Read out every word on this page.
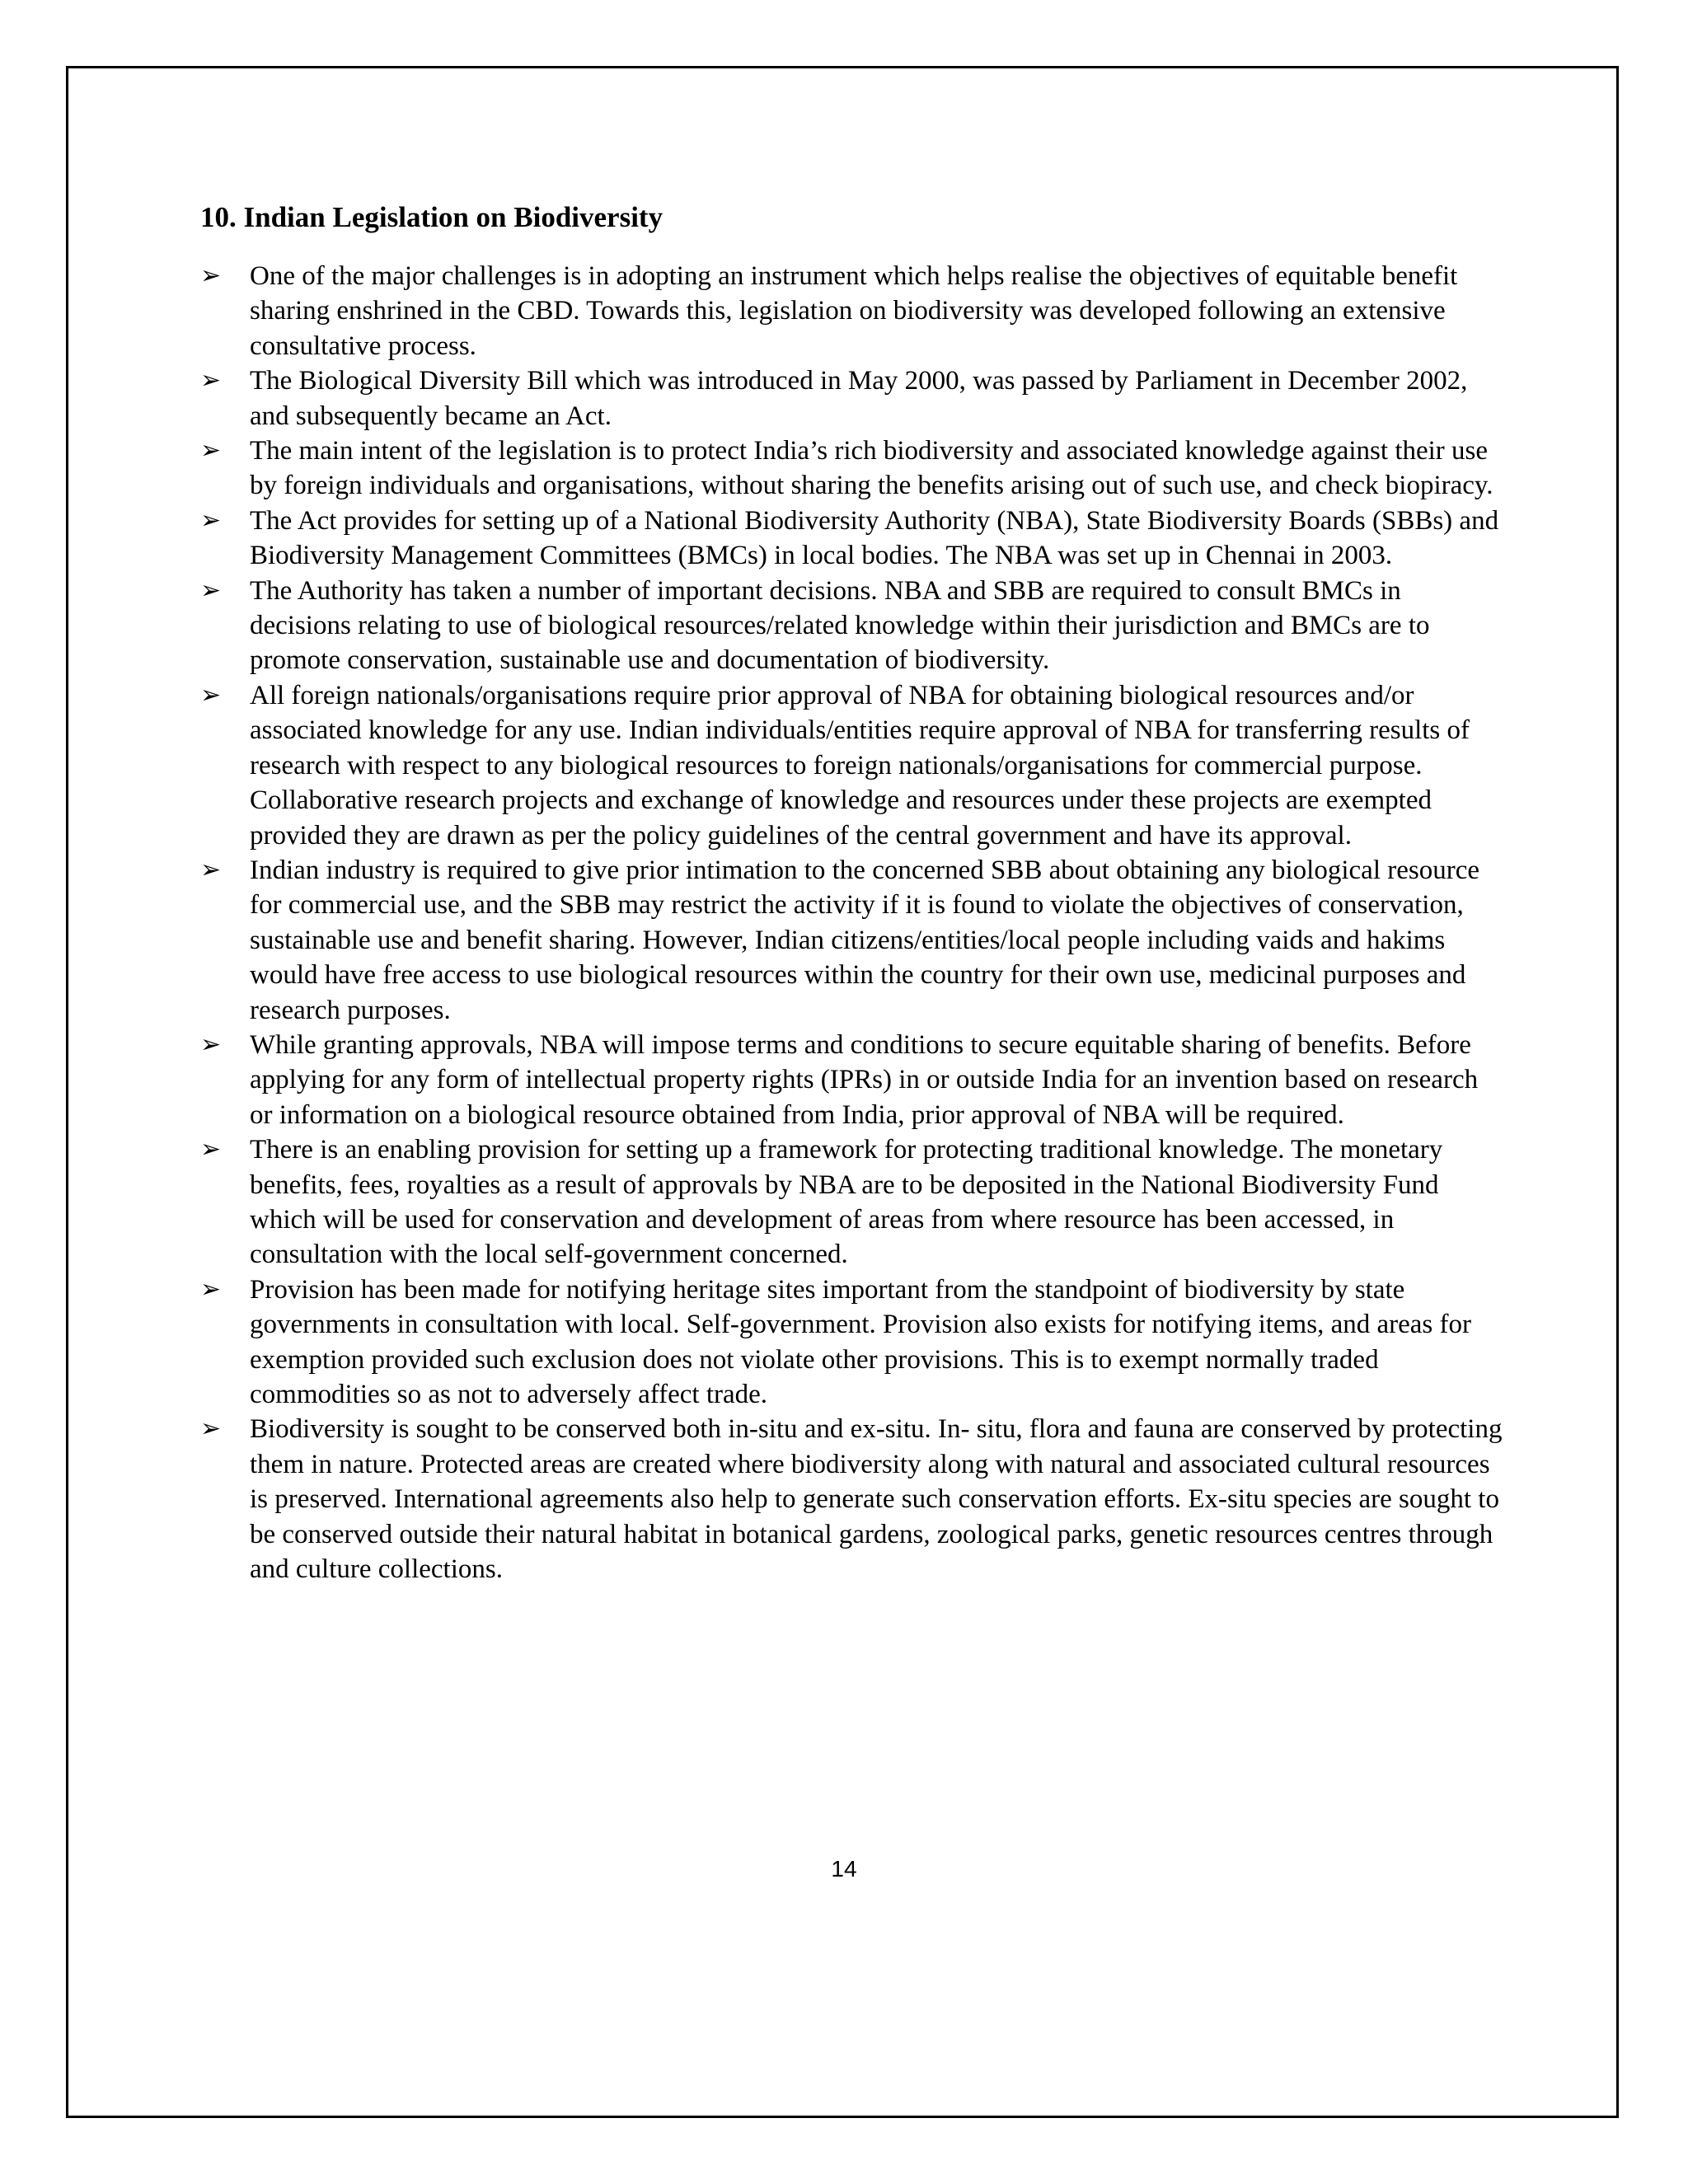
10. Indian Legislation on Biodiversity
➢ One of the major challenges is in adopting an instrument which helps realise the objectives of equitable benefit sharing enshrined in the CBD. Towards this, legislation on biodiversity was developed following an extensive consultative process.
➢ The Biological Diversity Bill which was introduced in May 2000, was passed by Parliament in December 2002, and subsequently became an Act.
➢ The main intent of the legislation is to protect India’s rich biodiversity and associated knowledge against their use by foreign individuals and organisations, without sharing the benefits arising out of such use, and check biopiracy.
➢ The Act provides for setting up of a National Biodiversity Authority (NBA), State Biodiversity Boards (SBBs) and Biodiversity Management Committees (BMCs) in local bodies. The NBA was set up in Chennai in 2003.
➢ The Authority has taken a number of important decisions. NBA and SBB are required to consult BMCs in decisions relating to use of biological resources/related knowledge within their jurisdiction and BMCs are to promote conservation, sustainable use and documentation of biodiversity.
➢ All foreign nationals/organisations require prior approval of NBA for obtaining biological resources and/or associated knowledge for any use. Indian individuals/entities require approval of NBA for transferring results of research with respect to any biological resources to foreign nationals/organisations for commercial purpose. Collaborative research projects and exchange of knowledge and resources under these projects are exempted provided they are drawn as per the policy guidelines of the central government and have its approval.
➢ Indian industry is required to give prior intimation to the concerned SBB about obtaining any biological resource for commercial use, and the SBB may restrict the activity if it is found to violate the objectives of conservation, sustainable use and benefit sharing. However, Indian citizens/entities/local people including vaids and hakims would have free access to use biological resources within the country for their own use, medicinal purposes and research purposes.
➢ While granting approvals, NBA will impose terms and conditions to secure equitable sharing of benefits. Before applying for any form of intellectual property rights (IPRs) in or outside India for an invention based on research or information on a biological resource obtained from India, prior approval of NBA will be required.
➢ There is an enabling provision for setting up a framework for protecting traditional knowledge. The monetary benefits, fees, royalties as a result of approvals by NBA are to be deposited in the National Biodiversity Fund which will be used for conservation and development of areas from where resource has been accessed, in consultation with the local self-government concerned.
➢ Provision has been made for notifying heritage sites important from the standpoint of biodiversity by state governments in consultation with local. Self-government. Provision also exists for notifying items, and areas for exemption provided such exclusion does not violate other provisions. This is to exempt normally traded commodities so as not to adversely affect trade.
➢ Biodiversity is sought to be conserved both in-situ and ex-situ. In- situ, flora and fauna are conserved by protecting them in nature. Protected areas are created where biodiversity along with natural and associated cultural resources is preserved. International agreements also help to generate such conservation efforts. Ex-situ species are sought to be conserved outside their natural habitat in botanical gardens, zoological parks, genetic resources centres through and culture collections.
14
